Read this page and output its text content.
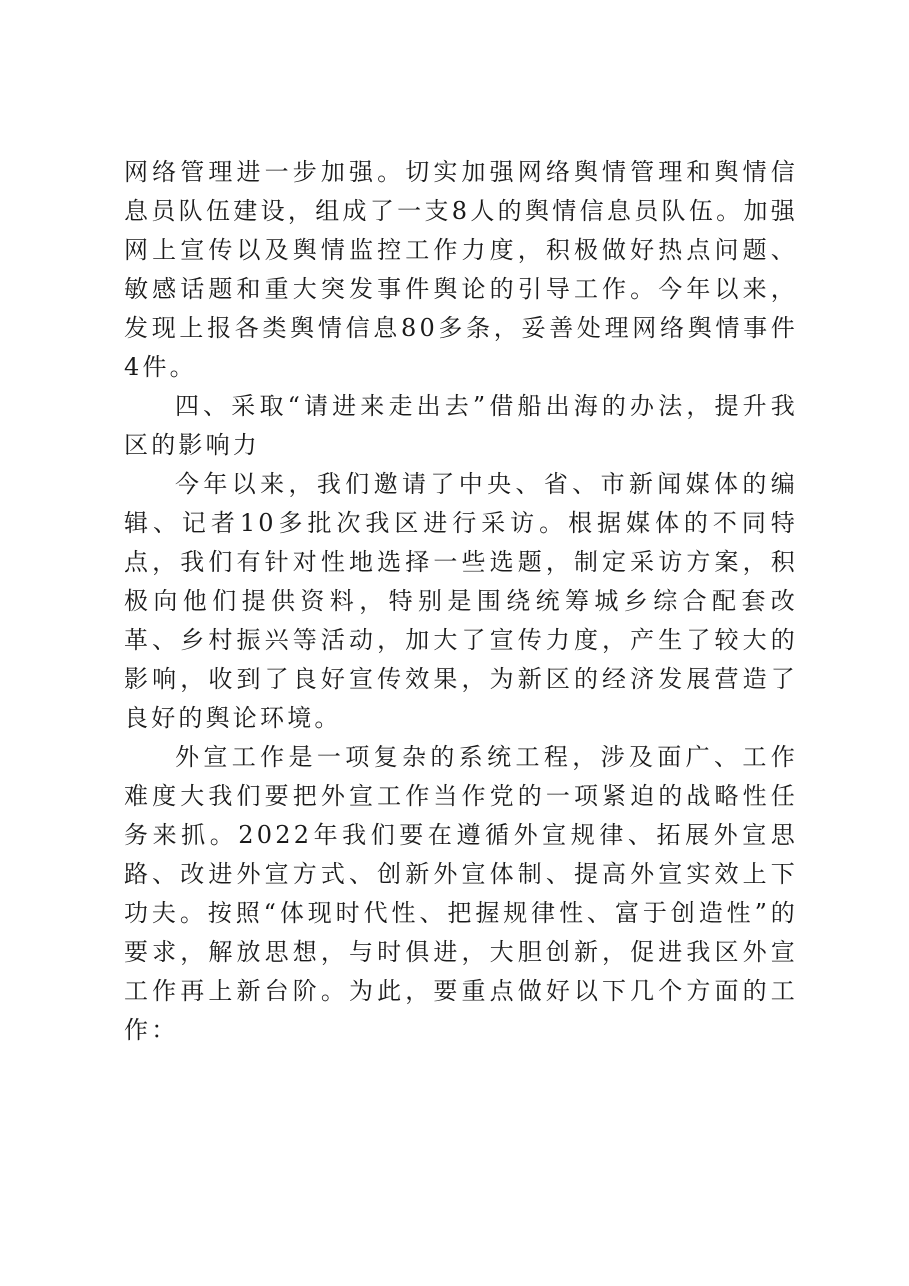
网络管理进一步加强。切实加强网络舆情管理和舆情信息员队伍建设，组成了一支8人的舆情信息员队伍。加强网上宣传以及舆情监控工作力度，积极做好热点问题、敏感话题和重大突发事件舆论的引导工作。今年以来，发现上报各类舆情信息80多条，妥善处理网络舆情事件4件。

四、采取“请进来走出去”借船出海的办法，提升我区的影响力

今年以来，我们邀请了中央、省、市新闻媒体的编辑、记者10多批次我区进行采访。根据媒体的不同特点，我们有针对性地选择一些选题，制定采访方案，积极向他们提供资料，特别是围绕统筹城乡综合配套改革、乡村振兴等活动，加大了宣传力度，产生了较大的影响，收到了良好宣传效果，为新区的经济发展营造了良好的舆论环境。

外宣工作是一项复杂的系统工程，涉及面广、工作难度大我们要把外宣工作当作党的一项紧迫的战略性任务来抓。2022年我们要在遵循外宣规律、拓展外宣思路、改进外宣方式、创新外宣体制、提高外宣实效上下功夫。按照“体现时代性、把握规律性、富于创造性”的要求，解放思想，与时俱进，大胆创新，促进我区外宣工作再上新台阶。为此，要重点做好以下几个方面的工作：
